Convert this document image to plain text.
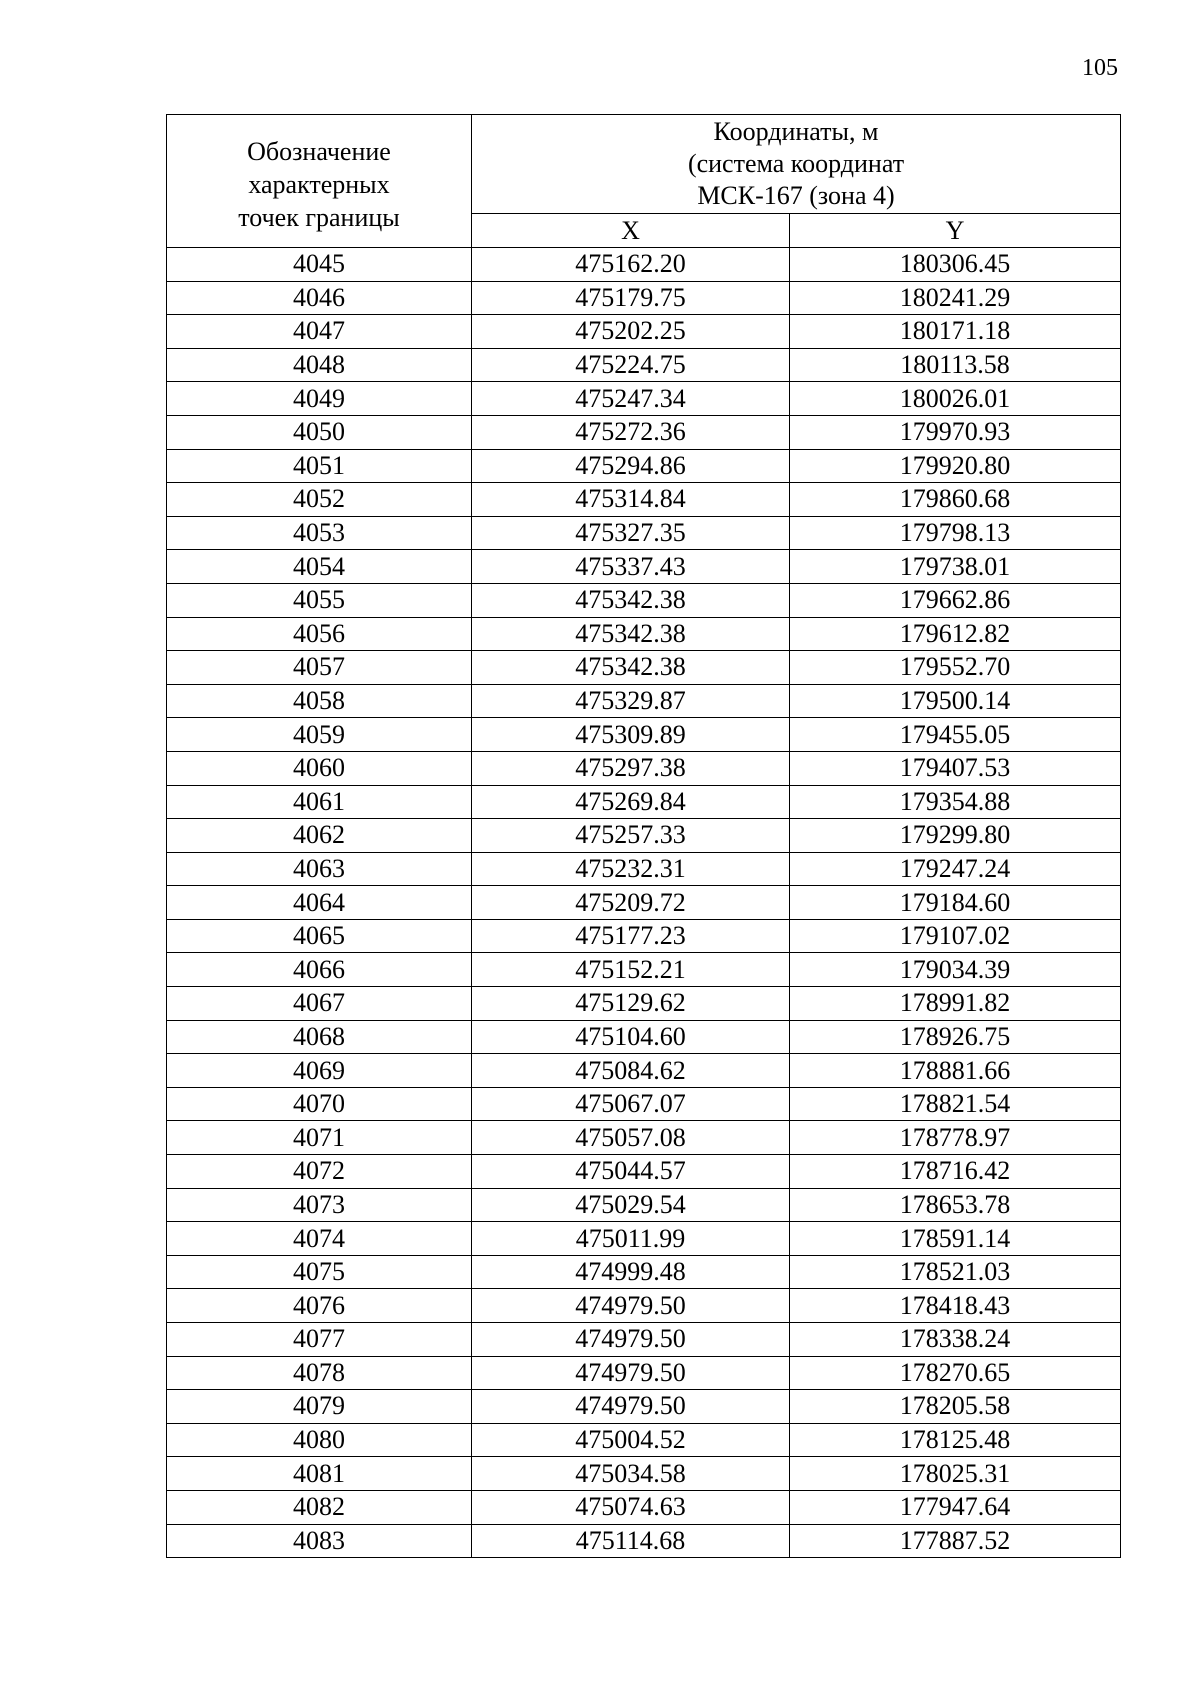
105
Обозначение
характерных
точек границы	Координаты, м
(система координат
МСК-167 (зона 4)	

	X	Y
4045	475162.20	180306.45
4046	475179.75	180241.29
4047	475202.25	180171.18
4048	475224.75	180113.58
4049	475247.34	180026.01
4050	475272.36	179970.93
4051	475294.86	179920.80
4052	475314.84	179860.68
4053	475327.35	179798.13
4054	475337.43	179738.01
4055	475342.38	179662.86
4056	475342.38	179612.82
4057	475342.38	179552.70
4058	475329.87	179500.14
4059	475309.89	179455.05
4060	475297.38	179407.53
4061	475269.84	179354.88
4062	475257.33	179299.80
4063	475232.31	179247.24
4064	475209.72	179184.60
4065	475177.23	179107.02
4066	475152.21	179034.39
4067	475129.62	178991.82
4068	475104.60	178926.75
4069	475084.62	178881.66
4070	475067.07	178821.54
4071	475057.08	178778.97
4072	475044.57	178716.42
4073	475029.54	178653.78
4074	475011.99	178591.14
4075	474999.48	178521.03
4076	474979.50	178418.43
4077	474979.50	178338.24
4078	474979.50	178270.65
4079	474979.50	178205.58
4080	475004.52	178125.48
4081	475034.58	178025.31
4082	475074.63	177947.64
4083	475114.68	177887.52
